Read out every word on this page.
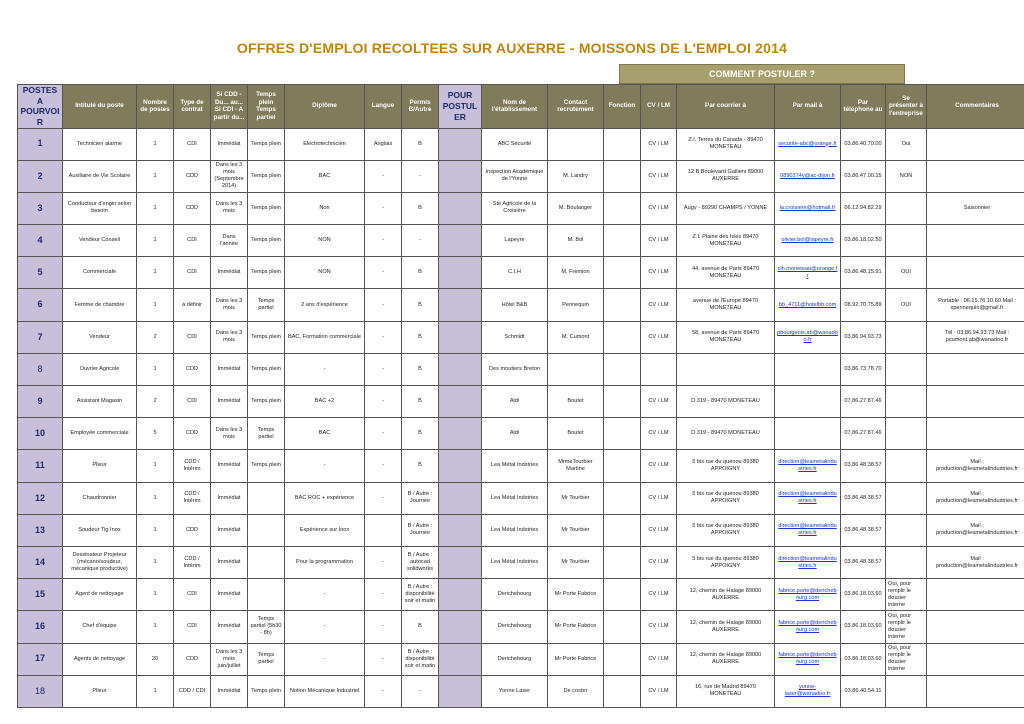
OFFRES D'EMPLOI RECOLTEES SUR AUXERRE - MOISSONS DE L'EMPLOI 2014
COMMENT POSTULER ?
POSTES A POURVOIR	Intitulé du poste	Nombre de postes	Type de contrat	Si CDD - Du... au... Si CDI - A partir du...	Temps plein Temps partiel	Diplôme	Langue	Permis B/Autre	POUR POSTULER	Nom de l'établissement	Contact recrutement	Fonction	CV / LM	Par courrier à	Par mail à	Par téléphone au	Se présenter à l'entreprise	Commentaires
1	Technicien alarme	1	CDI	Immédiat	Temps plein	Electrotechnicien	Anglais	B		ABC Sécurité			CV / LM	Z.I. Terres du Canada - 89470 MONETEAU	securite-abc@orange.fr	03.86.40.70.00	Oui	
2	Auxiliaire de Vie Scolaire	1	CDD	Dans les 3 mois (Septembre 2014)	Temps plein	BAC	-	-		Inspection Académique de l'Yonne	M. Landry		CV / LM	12 B Boulevard Gallieni 89000 AUXERRE	0890374y@ac-dijon.fr	03.86.47.00.15	NON	
3	Conducteur d'engin selon besoin	1	CDD	Dans les 3 mois	Temps plein	Non	-	B		Sté Agricole de la Croisière	M. Boulanger		CV / LM	Augy - 89290 CHAMPS / YONNE	la.croisiere@hotmail.fr	06.12.94.82.29		Saisonnier
4	Vendeur Conseil	1	CDI	Dans l'année	Temps plein	NON	-	-		Lapeyre	M. Bol		CV / LM	Z.I. Plaine des Isles 89470 MONETEAU	olivier.bol@lapeyre.fr	03.86.18.02.50		
5	Commerciale	1	CDI	Immédiat	Temps plein	NON	-	B		C.I.H	M. Fremion		CV / LM	44, avenue de Paris 89470 MONETEAU	cih.moneteau@orange.fr	03.86.48.15.91	OUI	
6	Femme de chambre	1	à définir	Dans les 3 mois	Temps partiel	2 ans d'expérience	-	B		Hôtel B&B	Pennequin		CV / LM	avenue de l'Europe 89470 MONETEAU	bb_4711@hotelbb.com	08.92.70.75.89	OUI	Portable : 06.15.76.10.60 Mail : xpennequin@gmail.fr
7	Vendeur	2	CDI	Dans les 3 mois	Temps plein	BAC, Formation commerciale	-	B		Schmidt	M. Cumont		CV / LM	58, avenue de Paris 89470 MONETEAU	pbourgeois.ab@wanadoo.fr	03.86.94.93.73		Tél : 03.86.94.93.73 Mail : pcumont.ab@wanadoo.fr
8	Ouvrier Agricole	1	CDD	Immédiat	Temps plein	-	-	B		Des moutiers Breton						03.86.73.78.70		
9	Assistant Magasin	2	CDI	Immédiat	Temps plein	BAC +2	-	B		Aldi	Boutet		CV / LM	D 319 - 89470 MONETEAU		07.86.27.87.46		
10	Employée commerciale	5	CDD	Dans les 3 mois	Temps partiel	BAC	-	B		Aldi	Boutet		CV / LM	D 319 - 89470 MONETEAU		07.86.27.87.46		
11	Plieur	1	CDD / Intérim	Immédiat	Temps plein	-	-	B		Lea Métal Indstries	MrmeTourbier Martine		CV / LM	5 bis rue du quenou 89380 APPOIGNY	direction@leametalindustries.fr	03.86.48.38.57		Mail : production@leametalindustries.fr
12	Chaudronnier	1	CDD / Intérim	Immédiat		BAC ROC + expérience	-	B / Autre : Journée		Lea Métal Indstries	Mr Tourbier		CV / LM	5 bis rue du quenou 89380 APPOIGNY	direction@leametalindustries.fr	03.86.48.38.57		Mail : production@leametalindustries.fr
13	Soudeur Tig Inox	1	CDD	Immédiat		Expérience sur Inox		B / Autre : Journée		Lea Métal Indstries	Mr Tourbier		CV / LM	5 bis rue du quenou 89380 APPOIGNY	direction@leametalindustries.fr	03.86.48.38.57		Mail : production@leametalindustries.fr
14	Dessinateur Projeteur (mécano/soudeur, mécanique productive)	1	CDD / Intérim	Immédiat		Pour la programmation	-	B / Autre : autocad solidworks		Lea Métal Indstries	Mr Tourbier		CV / LM	5 bis rue du quenou 89380 APPOIGNY	direction@leametalindustries.fr	03.86.48.38.57		Mail : production@leametalindustries.fr
15	Agent de nettoyage	1	CDI	Immédiat		-	-	B / Autre : disponibilité soir et matin		Derichebourg	Mr Porte Fabrice		CV / LM	12, chemin de Halage 89000 AUXERRE	fabrice.porte@derichebourg.com	03.86.18.03.60	Oui, pour remplir le dossier interne	
16	Chef d'équipe	1	CDI	Immédiat	Temps partiel (5h30 - 8h)	-	-	B		Derichebourg	Mr Porte Fabrice		CV / LM	12, chemin de Halage 89000 AUXERRE	fabrice.porte@derichebourg.com	03.86.18.03.60	Oui, pour remplir le dossier interne	
17	Agents de nettoyage	20	CDD	Dans les 3 mois juin/juillet	Temps partiel	-	-	B / Autre : disponibilité soir et matin		Derichebourg	Mr Porte Fabrice		CV / LM	12, chemin de Halage 89000 AUXERRE	fabrice.porte@derichebourg.com	03.86.18.03.60	Oui, pour remplir le dossier interne	
18	Plieur	1	CDD / CDI	Immédiat	Temps plein	Notion Mécanique Industriel	-	-		Yonne Laser	De coster		CV / LM	16, rue de Madrid 89470 MONETEAU	yonne-laser@wanadoo.fr	03.86.40.54.11		
